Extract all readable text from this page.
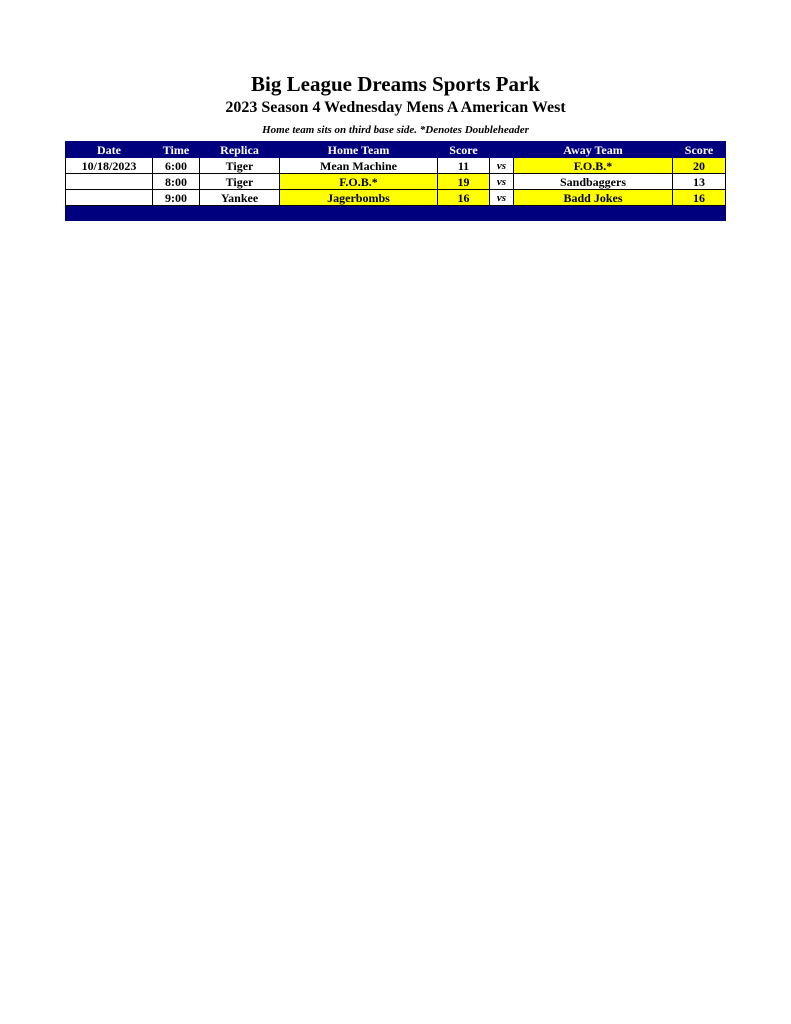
Big League Dreams Sports Park
2023 Season 4 Wednesday Mens A American West
Home team sits on third base side. *Denotes Doubleheader
Date	Time	Replica	Home Team	Score		Away Team	Score
10/18/2023	6:00	Tiger	Mean Machine	11	vs	F.O.B.*	20
	8:00	Tiger	F.O.B.*	19	vs	Sandbaggers	13
	9:00	Yankee	Jagerbombs	16	vs	Badd Jokes	16
